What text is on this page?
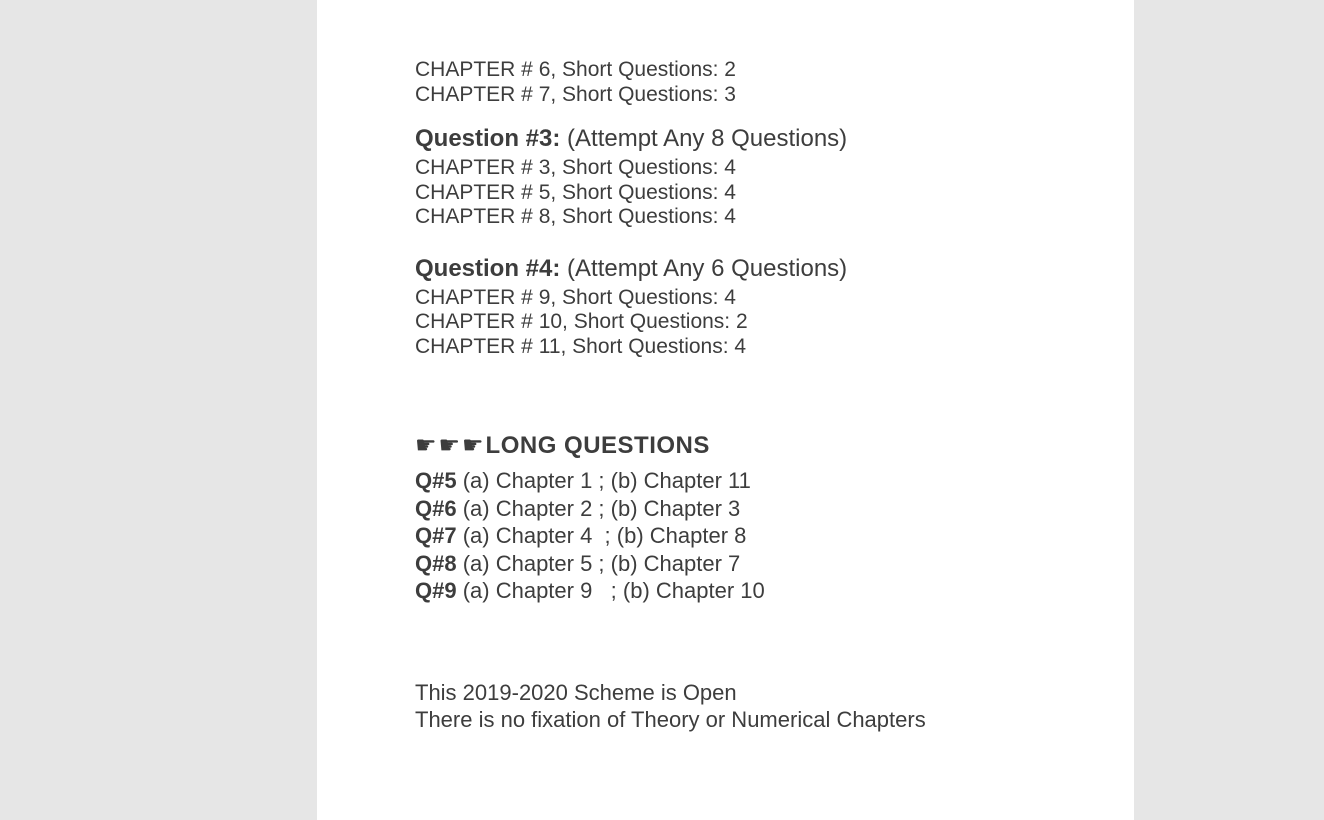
CHAPTER # 6, Short Questions: 2

CHAPTER # 7, Short Questions: 3

Question #3: (Attempt Any 8 Questions)

CHAPTER # 3, Short Questions: 4

CHAPTER # 5, Short Questions: 4

CHAPTER # 8, Short Questions: 4

Question #4: (Attempt Any 6 Questions)

CHAPTER # 9, Short Questions: 4

CHAPTER # 10, Short Questions: 2

CHAPTER # 11, Short Questions: 4

☛☛☛LONG QUESTIONS

Q#5 (a) Chapter 1 ; (b) Chapter 11

Q#6 (a) Chapter 2 ; (b) Chapter 3

Q#7 (a) Chapter 4  ; (b) Chapter 8

Q#8 (a) Chapter 5 ; (b) Chapter 7

Q#9 (a) Chapter 9   ; (b) Chapter 10

This 2019-2020 Scheme is Open

There is no fixation of Theory or Numerical Chapters
